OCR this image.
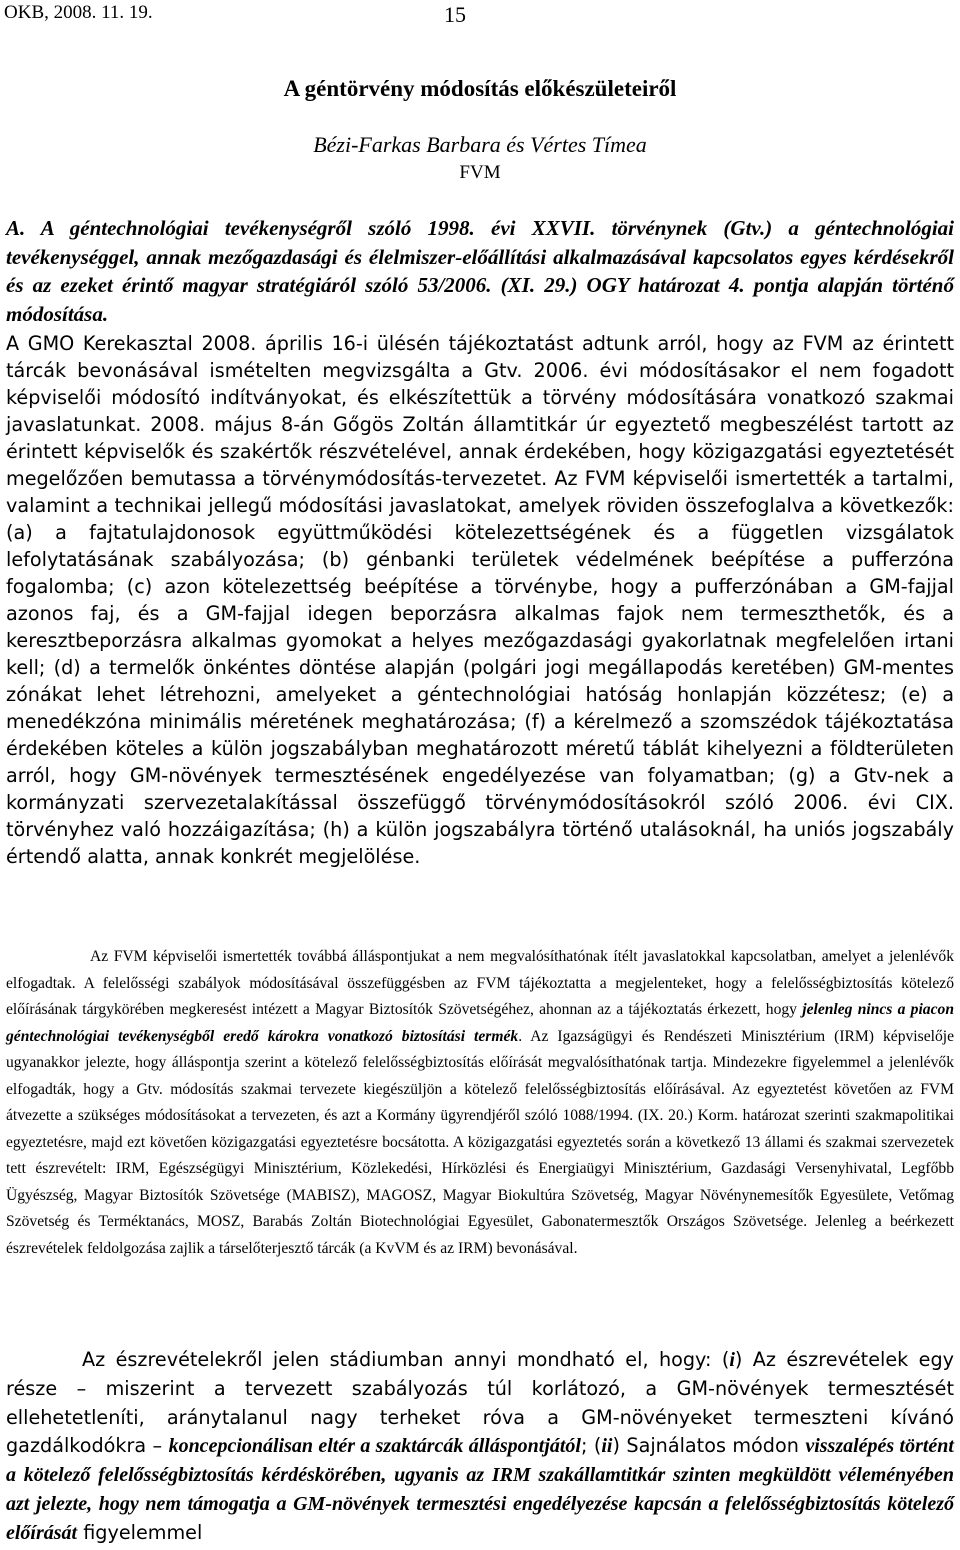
OKB, 2008. 11. 19.	15
A géntörvény módosítás előkészületeiről
Bézi-Farkas Barbara és Vértes Tímea
FVM
A. A géntechnológiai tevékenységről szóló 1998. évi XXVII. törvénynek (Gtv.) a géntechnológiai tevékenységgel, annak mezőgazdasági és élelmiszer-előállítási alkalmazásával kapcsolatos egyes kérdésekről és az ezeket érintő magyar stratégiáról szóló 53/2006. (XI. 29.) OGY határozat 4. pontja alapján történő módosítása.
A GMO Kerekasztal 2008. április 16-i ülésén tájékoztatást adtunk arról, hogy az FVM az érintett tárcák bevonásával ismételten megvizsgálta a Gtv. 2006. évi módosításakor el nem fogadott képviselői módosító indítványokat, és elkészítettük a törvény módosítására vonatkozó szakmai javaslatunkat. 2008. május 8-án Gőgös Zoltán államtitkár úr egyeztető megbeszélést tartott az érintett képviselők és szakértők részvételével, annak érdekében, hogy közigazgatási egyeztetését megelőzően bemutassa a törvénymódosítás-tervezetet. Az FVM képviselői ismertették a tartalmi, valamint a technikai jellegű módosítási javaslatokat, amelyek röviden összefoglalva a következők: (a) a fajtatulajdonosok együttműködési kötelezettségének és a független vizsgálatok lefolytatásának szabályozása; (b) génbanki területek védelmének beépítése a pufferzóna fogalomba; (c) azon kötelezettség beépítése a törvénybe, hogy a pufferzónában a GM-fajjal azonos faj, és a GM-fajjal idegen beporzásra alkalmas fajok nem termeszthetők, és a keresztbeporzásra alkalmas gyomokat a helyes mezőgazdasági gyakorlatnak megfelelően irtani kell; (d) a termelők önkéntes döntése alapján (polgári jogi megállapodás keretében) GM-mentes zónákat lehet létrehozni, amelyeket a géntechnológiai hatóság honlapján közzétesz; (e) a menedékzóna minimális méretének meghatározása; (f) a kérelmező a szomszédok tájékoztatása érdekében köteles a külön jogszabályban meghatározott méretű táblát kihelyezni a földterületen arról, hogy GM-növények termesztésének engedélyezése van folyamatban; (g) a Gtv-nek a kormányzati szervezetalakítással összefüggő törvénymódosításokról szóló 2006. évi CIX. törvényhez való hozzáigazítása; (h) a külön jogszabályra történő utalásoknál, ha uniós jogszabály értendő alatta, annak konkrét megjelölése.
Az FVM képviselői ismertették továbbá álláspontjukat a nem megvalósíthatónak ítélt javaslatokkal kapcsolatban, amelyet a jelenlévők elfogadtak. A felelősségi szabályok módosításával összefüggésben az FVM tájékoztatta a megjelenteket, hogy a felelősségbiztosítás kötelező előírásának tárgykörében megkeresést intézett a Magyar Biztosítók Szövetségéhez, ahonnan az a tájékoztatás érkezett, hogy jelenleg nincs a piacon géntechnológiai tevékenységből eredő károkra vonatkozó biztosítási termék. Az Igazságügyi és Rendészeti Minisztérium (IRM) képviselője ugyanakkor jelezte, hogy álláspontja szerint a kötelező felelősségbiztosítás előírását megvalósíthatónak tartja. Mindezekre figyelemmel a jelenlévők elfogadták, hogy a Gtv. módosítás szakmai tervezete kiegészüljön a kötelező felelősségbiztosítás előírásával. Az egyeztetést követően az FVM átvezette a szükséges módosításokat a tervezeten, és azt a Kormány ügyrendjéről szóló 1088/1994. (IX. 20.) Korm. határozat szerinti szakmapolitikai egyeztetésre, majd ezt követően közigazgatási egyeztetésre bocsátotta. A közigazgatási egyeztetés során a következő 13 állami és szakmai szervezetek tett észrevételt: IRM, Egészségügyi Minisztérium, Közlekedési, Hírközlési és Energiaügyi Minisztérium, Gazdasági Versenyhivatal, Legfőbb Ügyészség, Magyar Biztosítók Szövetsége (MABISZ), MAGOSZ, Magyar Biokultúra Szövetség, Magyar Növénynemesítők Egyesülete, Vetőmag Szövetség és Terméktanács, MOSZ, Barabás Zoltán Biotechnológiai Egyesület, Gabonatermesztők Országos Szövetsége. Jelenleg a beérkezett észrevételek feldolgozása zajlik a társelőterjesztő tárcák (a KvVM és az IRM) bevonásával.
Az észrevételekről jelen stádiumban annyi mondható el, hogy: (i) Az észrevételek egy része – miszerint a tervezett szabályozás túl korlátozó, a GM-növények termesztését ellehetetleníti, aránytalanul nagy terheket róva a GM-növényeket termeszteni kívánó gazdálkodókra – koncepcionálisan eltér a szaktárcák álláspontjától; (ii) Sajnálatos módon visszalépés történt a kötelező felelősségbiztosítás kérdéskörében, ugyanis az IRM szakállamtitkár szinten megküldött véleményében azt jelezte, hogy nem támogatja a GM-növények termesztési engedélyezése kapcsán a felelősségbiztosítás kötelező előírását figyelemmel
